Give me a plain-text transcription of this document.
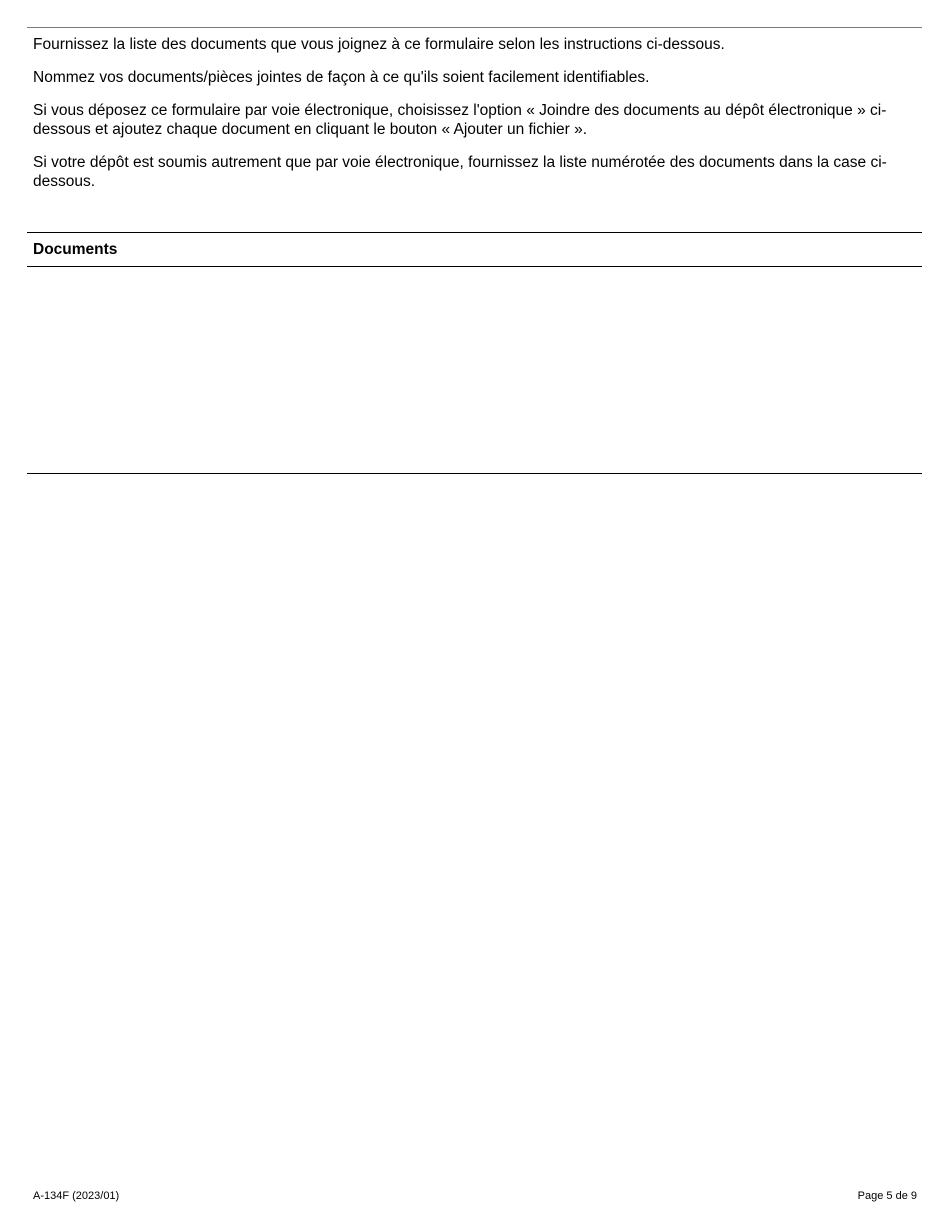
Fournissez la liste des documents que vous joignez à ce formulaire selon les instructions ci-dessous.

Nommez vos documents/pièces jointes de façon à ce qu'ils soient facilement identifiables.

Si vous déposez ce formulaire par voie électronique, choisissez l'option « Joindre des documents au dépôt électronique » ci-dessous et ajoutez chaque document en cliquant le bouton « Ajouter un fichier ».

Si votre dépôt est soumis autrement que par voie électronique, fournissez la liste numérotée des documents dans la case ci-dessous.

Documents
A-134F (2023/01)	Page 5 de 9
